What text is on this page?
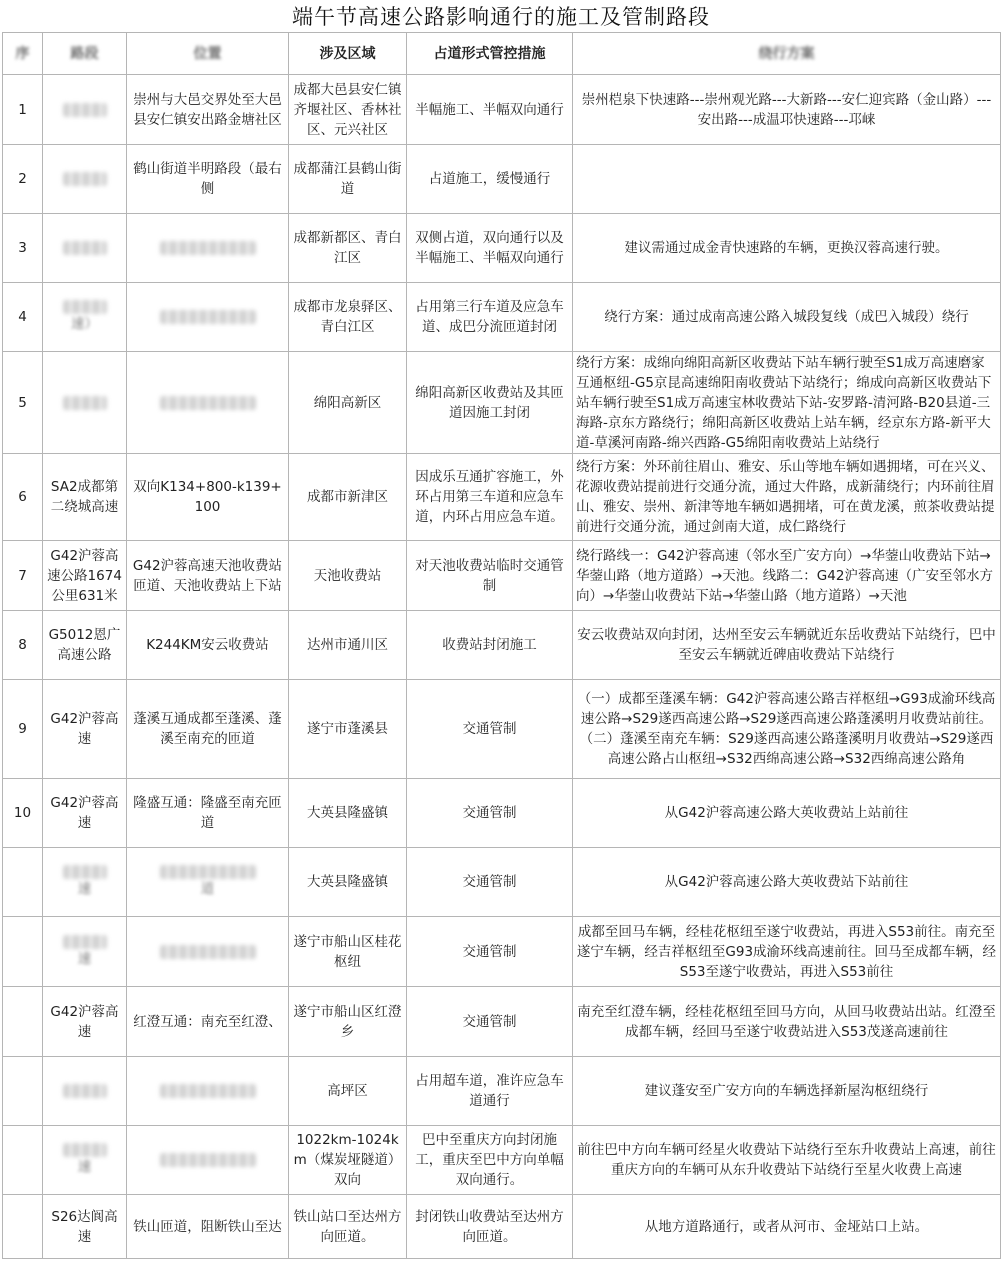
端午节高速公路影响通行的施工及管制路段
序	路段	位置	涉及区域	占道形式管控措施	绕行方案

1		崇州与大邑交界处至大邑县安仁镇安出路金塘社区	成都大邑县安仁镇齐堰社区、香林社区、元兴社区	半幅施工、半幅双向通行	崇州桤泉下快速路---崇州观光路---大新路---安仁迎宾路（金山路）---安出路---成温邛快速路---邛崃

2		鹤山街道半明路段（最右侧	成都蒲江县鹤山街道	占道施工，缓慢通行	

3			成都新都区、青白江区	双侧占道，双向通行以及半幅施工、半幅双向通行	建议需通过成金青快速路的车辆，更换汉蓉高速行驶。

4	速）		成都市龙泉驿区、青白江区	占用第三行车道及应急车道、成巴分流匝道封闭	绕行方案：通过成南高速公路入城段复线（成巴入城段）绕行

5			绵阳高新区	绵阳高新区收费站及其匝道因施工封闭	绕行方案：成绵向绵阳高新区收费站下站车辆行驶至S1成万高速磨家互通枢纽-G5京昆高速绵阳南收费站下站绕行；绵成向高新区收费站下站车辆行驶至S1成万高速宝林收费站下站-安罗路-清河路-B20县道-三海路-京东方路绕行；绵阳高新区收费站上站车辆，经京东方路-新平大道-草溪河南路-绵兴西路-G5绵阳南收费站上站绕行

6	SA2成都第二绕城高速	双向K134+800-k139+100	成都市新津区	因成乐互通扩容施工，外环占用第三车道和应急车道，内环占用应急车道。	绕行方案：外环前往眉山、雅安、乐山等地车辆如遇拥堵，可在兴义、花源收费站提前进行交通分流，通过大件路，成新蒲绕行；内环前往眉山、雅安、崇州、新津等地车辆如遇拥堵，可在黄龙溪，煎茶收费站提前进行交通分流，通过剑南大道，成仁路绕行

7	G42沪蓉高速公路1674公里631米	G42沪蓉高速天池收费站匝道、天池收费站上下站	天池收费站	对天池收费站临时交通管制	绕行路线一：G42沪蓉高速（邻水至广安方向）→华蓥山收费站下站→华蓥山路（地方道路）→天池。线路二：G42沪蓉高速（广安至邻水方向）→华蓥山收费站下站→华蓥山路（地方道路）→天池

8	G5012恩广高速公路	K244KM安云收费站	达州市通川区	收费站封闭施工	安云收费站双向封闭，达州至安云车辆就近东岳收费站下站绕行，巴中至安云车辆就近碑庙收费站下站绕行

9	G42沪蓉高速	蓬溪互通成都至蓬溪、蓬溪至南充的匝道	遂宁市蓬溪县	交通管制	（一）成都至蓬溪车辆：G42沪蓉高速公路吉祥枢纽→G93成渝环线高速公路→S29遂西高速公路→S29遂西高速公路蓬溪明月收费站前往。（二）蓬溪至南充车辆：S29遂西高速公路蓬溪明月收费站→S29遂西高速公路占山枢纽→S32西绵高速公路→S32西绵高速公路角

10	G42沪蓉高速	隆盛互通：隆盛至南充匝道	大英县隆盛镇	交通管制	从G42沪蓉高速公路大英收费站上站前往

	速	道	大英县隆盛镇	交通管制	从G42沪蓉高速公路大英收费站下站前往

	速		遂宁市船山区桂花枢纽	交通管制	成都至回马车辆，经桂花枢纽至遂宁收费站，再进入S53前往。南充至遂宁车辆，经吉祥枢纽至G93成渝环线高速前往。回马至成都车辆，经S53至遂宁收费站，再进入S53前往

	G42沪蓉高速	红澄互通：南充至红澄、	遂宁市船山区红澄乡	交通管制	南充至红澄车辆，经桂花枢纽至回马方向，从回马收费站出站。红澄至成都车辆，经回马至遂宁收费站进入S53茂遂高速前往

			高坪区	占用超车道，准许应急车道通行	建议蓬安至广安方向的车辆选择新屋沟枢纽绕行

	速		1022km-1024km（煤炭垭隧道）双向	巴中至重庆方向封闭施工，重庆至巴中方向单幅双向通行。	前往巴中方向车辆可经星火收费站下站绕行至东升收费站上高速，前往重庆方向的车辆可从东升收费站下站绕行至星火收费上高速

	S26达阆高速	铁山匝道，阻断铁山至达	铁山站口至达州方向匝道。	封闭铁山收费站至达州方向匝道。	从地方道路通行，或者从河市、金垭站口上站。
